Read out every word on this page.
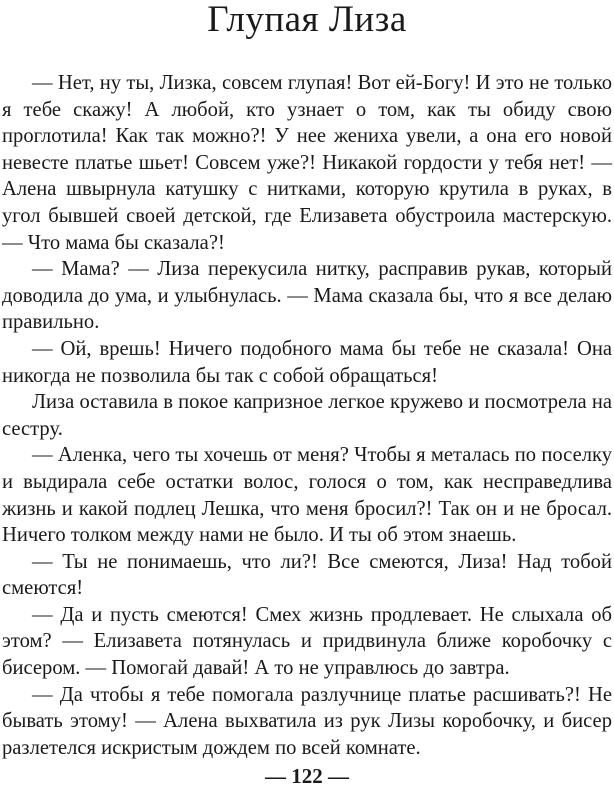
Глупая Лиза

— Нет, ну ты, Лизка, совсем глупая! Вот ей-Богу! И это не только я тебе скажу! А любой, кто узнает о том, как ты обиду свою проглотила! Как так можно?! У нее жениха увели, а она его новой невесте платье шьет! Совсем уже?! Никакой гордости у тебя нет! — Алена швырнула катушку с нитками, которую крутила в руках, в угол бывшей своей детской, где Елизавета обустроила мастерскую. — Что мама бы сказала?!

— Мама? — Лиза перекусила нитку, расправив рукав, который доводила до ума, и улыбнулась. — Мама сказала бы, что я все делаю правильно.

— Ой, врешь! Ничего подобного мама бы тебе не сказала! Она никогда не позволила бы так с собой обращаться!

Лиза оставила в покое капризное легкое кружево и посмотрела на сестру.

— Аленка, чего ты хочешь от меня? Чтобы я металась по поселку и выдирала себе остатки волос, голося о том, как несправедлива жизнь и какой подлец Лешка, что меня бросил?! Так он и не бросал. Ничего толком между нами не было. И ты об этом знаешь.

— Ты не понимаешь, что ли?! Все смеются, Лиза! Над тобой смеются!

— Да и пусть смеются! Смех жизнь продлевает. Не слыхала об этом? — Елизавета потянулась и придвинула ближе коробочку с бисером. — Помогай давай! А то не управлюсь до завтра.

— Да чтобы я тебе помогала разлучнице платье расшивать?! Не бывать этому! — Алена выхватила из рук Лизы коробочку, и бисер разлетелся искристым дождем по всей комнате.

— 122 —
